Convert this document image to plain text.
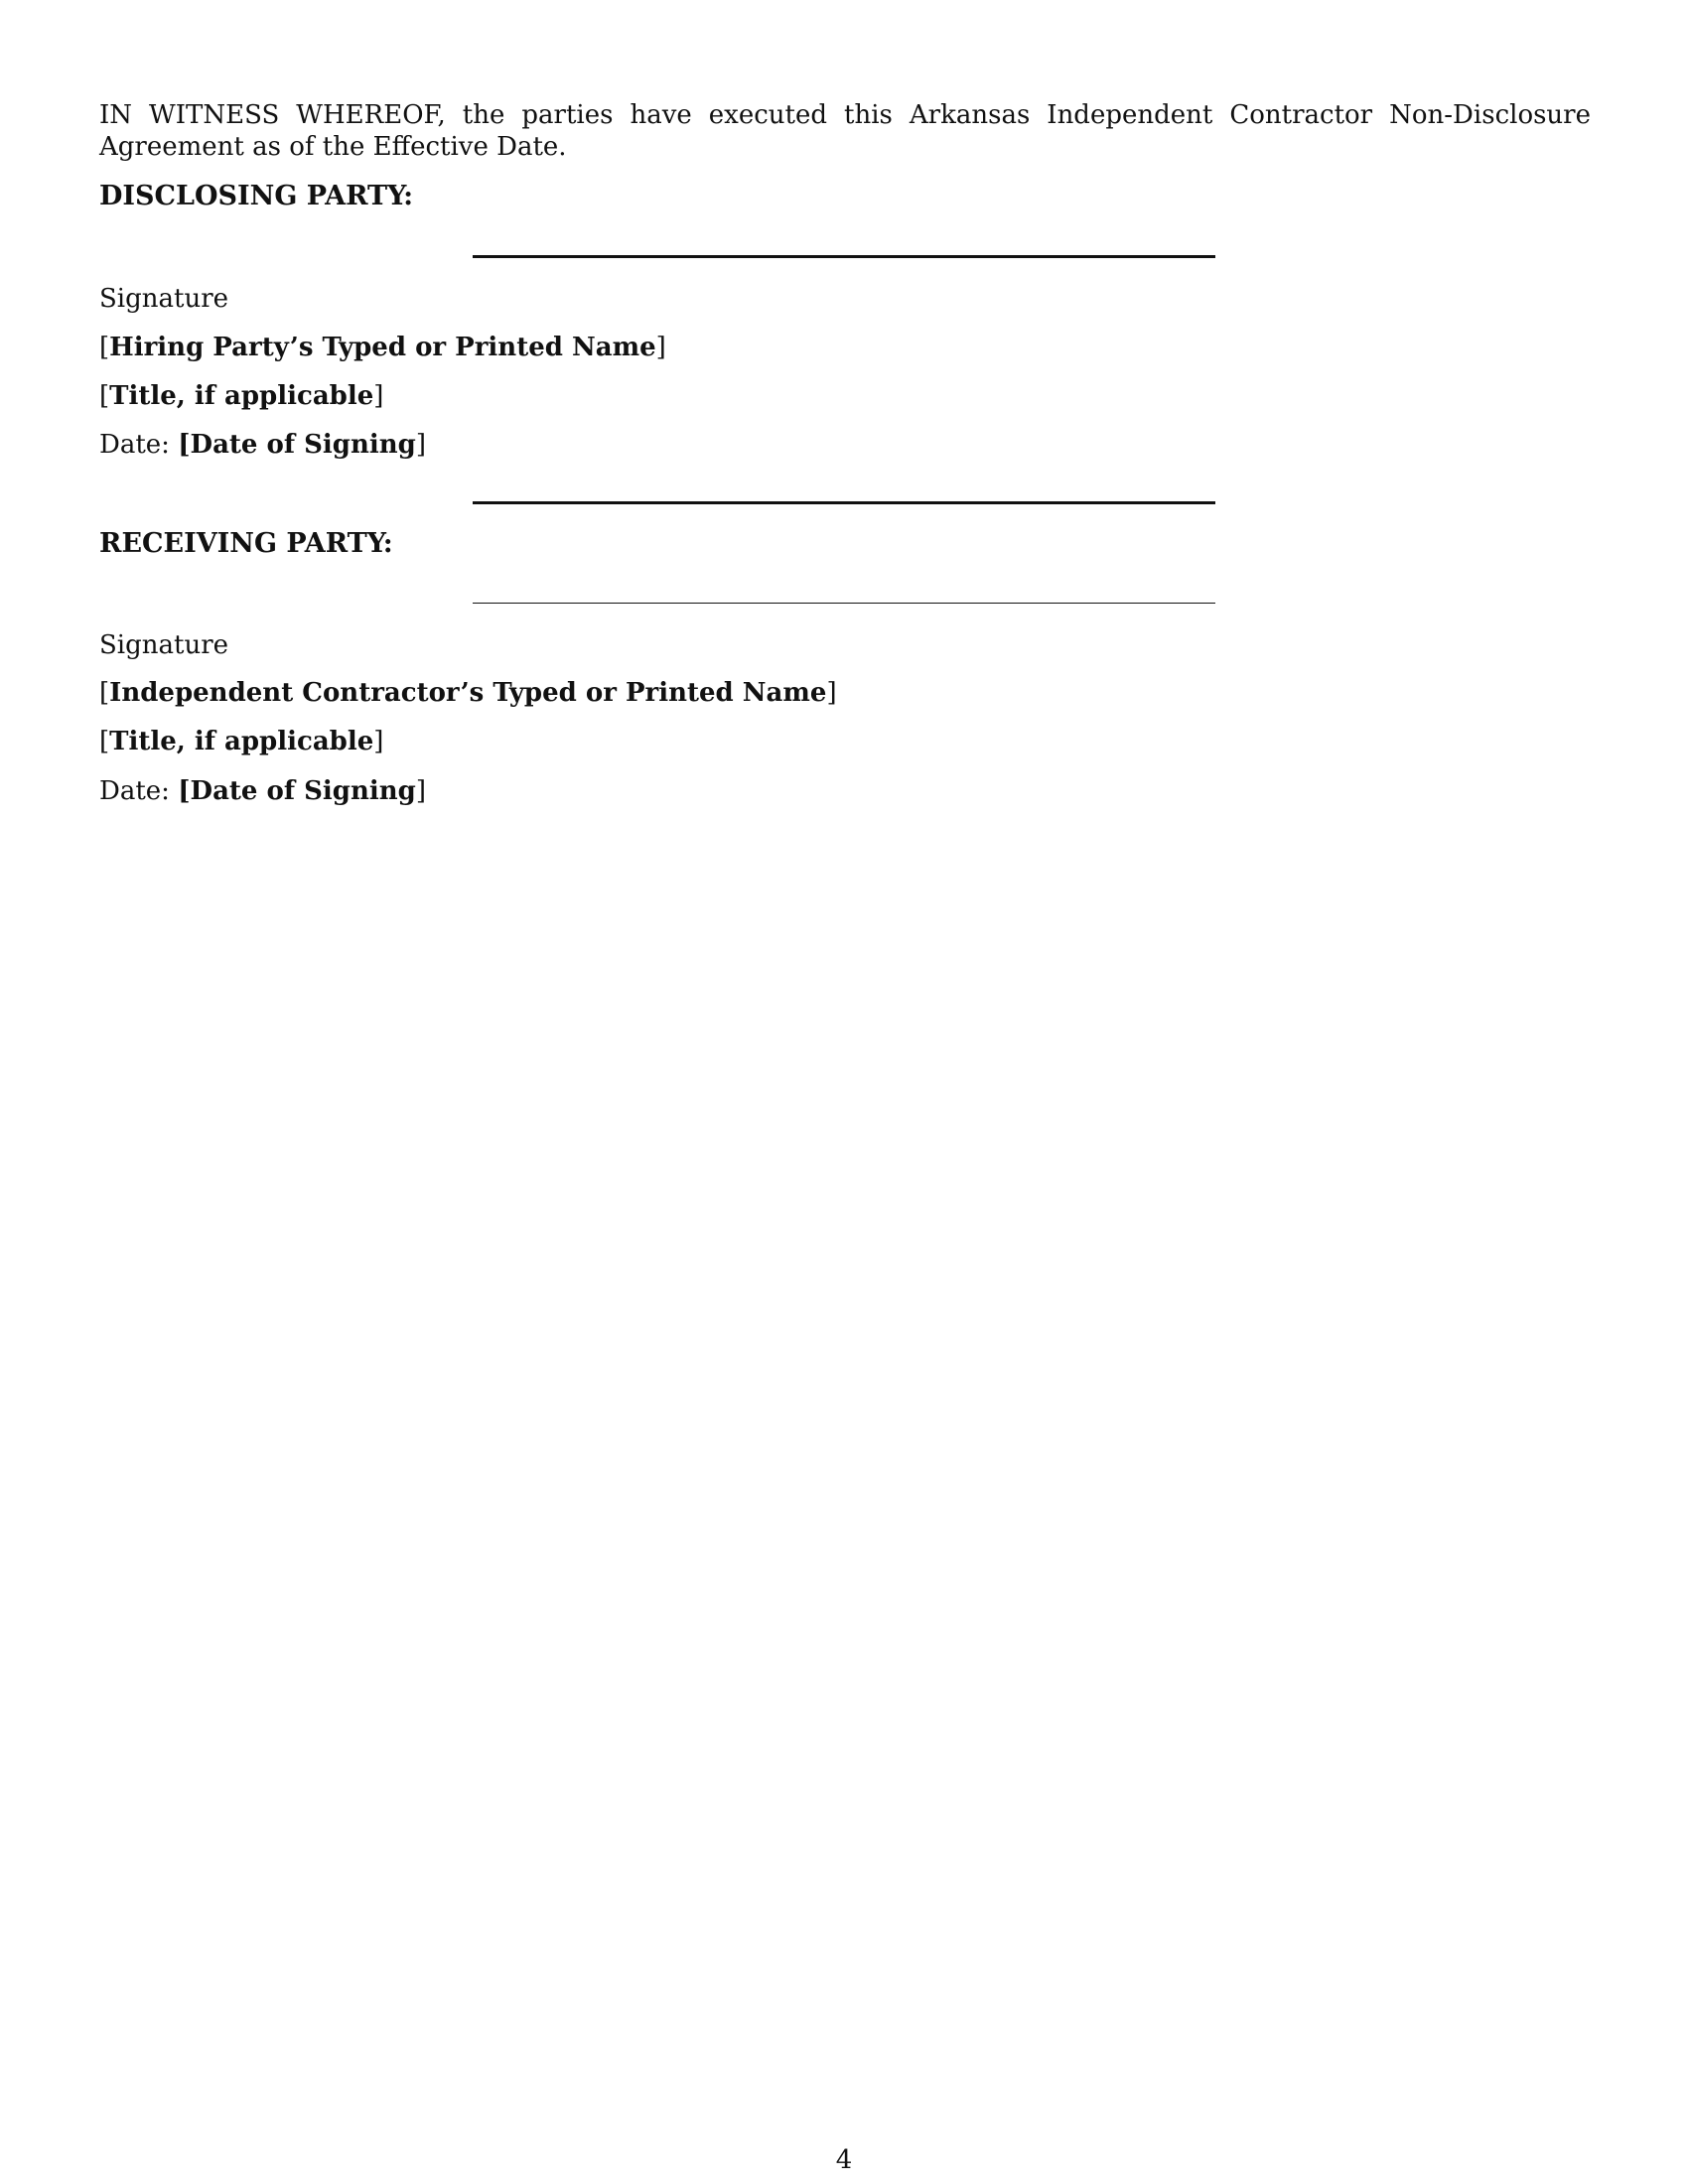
IN WITNESS WHEREOF, the parties have executed this Arkansas Independent Contractor Non-Disclosure Agreement as of the Effective Date.
DISCLOSING PARTY:
Signature
[Hiring Party’s Typed or Printed Name]
[Title, if applicable]
Date: [Date of Signing]
RECEIVING PARTY:
Signature
[Independent Contractor’s Typed or Printed Name]
[Title, if applicable]
Date: [Date of Signing]
4
